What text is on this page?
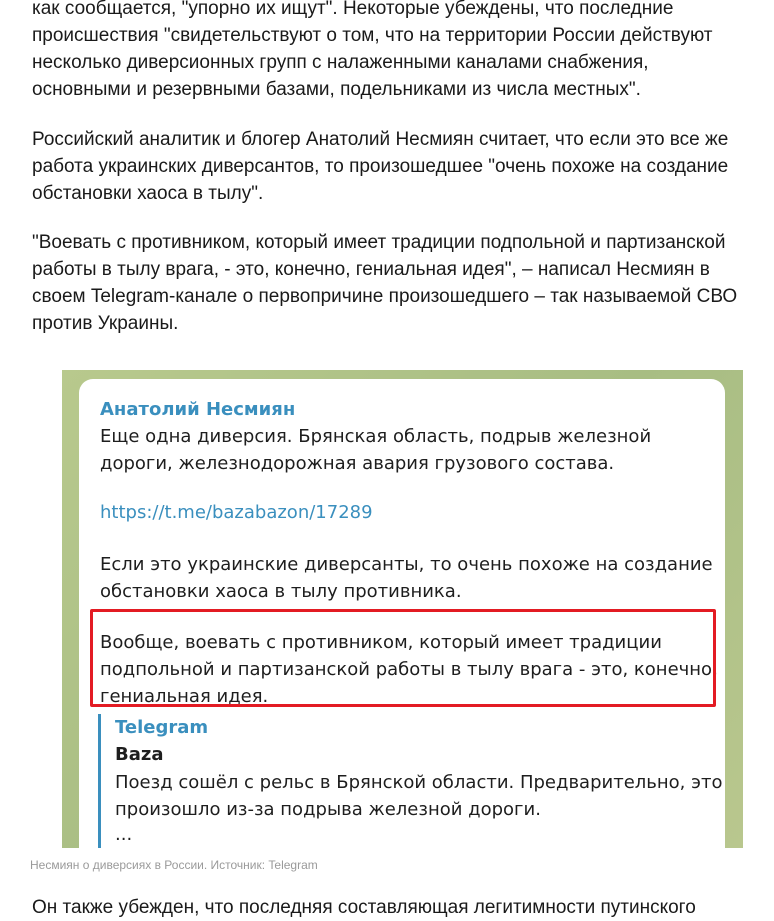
как сообщается, "упорно их ищут". Некоторые убеждены, что последние
происшествия "свидетельствуют о том, что на территории России действуют
несколько диверсионных групп с налаженными каналами снабжения,
основными и резервными базами, подельниками из числа местных".

Российский аналитик и блогер Анатолий Несмиян считает, что если это все же
работа украинских диверсантов, то произошедшее "очень похоже на создание
обстановки хаоса в тылу".

"Воевать с противником, который имеет традиции подпольной и партизанской
работы в тылу врага, - это, конечно, гениальная идея", – написал Несмиян в
своем Telegram-канале о первопричине произошедшего – так называемой СВО
против Украины.

Он также убежден, что последняя составляющая легитимности путинского

Анатолий Несмиян
Еще одна диверсия. Брянская область, подрыв железной
дороги, железнодорожная авария грузового состава.
https://t.me/bazabazon/17289
Если это украинские диверсанты, то очень похоже на создание
обстановки хаоса в тылу противника.
Вообще, воевать с противником, который имеет традиции
подпольной и партизанской работы в тылу врага - это, конечно,
гениальная идея.
Telegram
Baza
Поезд сошёл с рельс в Брянской области. Предварительно, это
произошло из-за подрыва железной дороги.
...
Несмиян о диверсиях в России. Источник: Telegram
